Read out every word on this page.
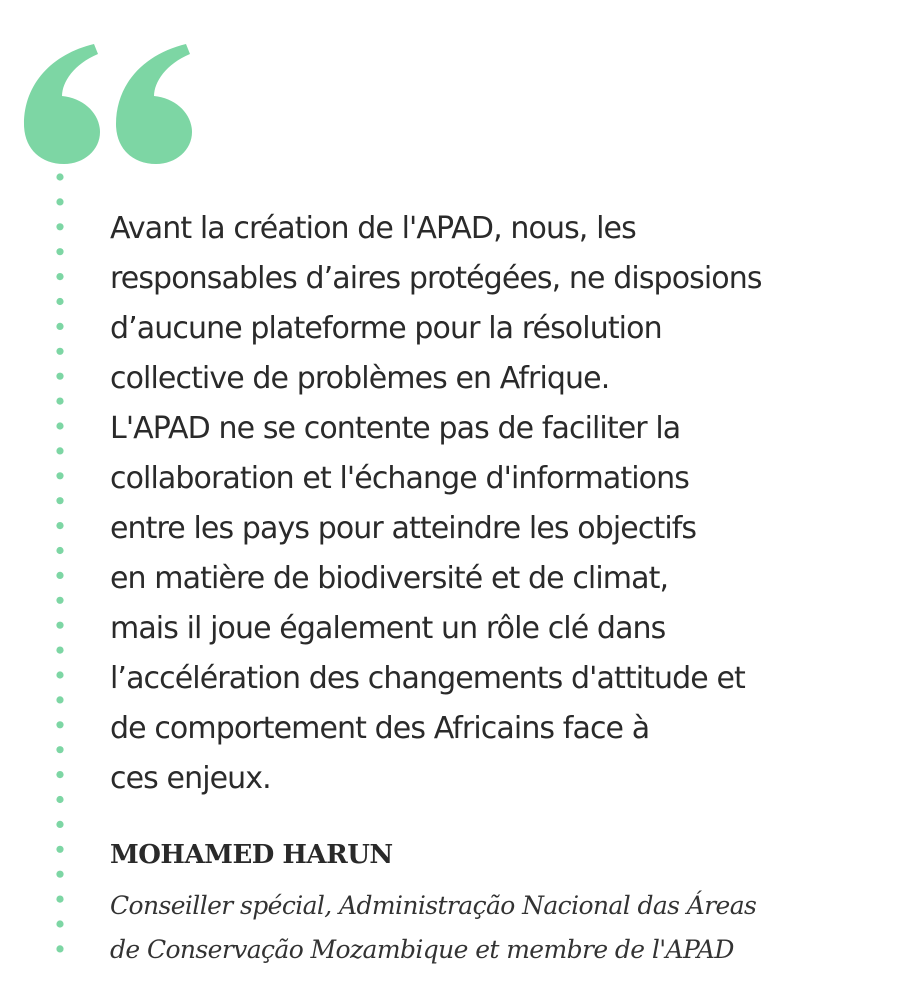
Avant la création de l'APAD, nous, les
responsables d’aires protégées, ne disposions
d’aucune plateforme pour la résolution
collective de problèmes en Afrique.
L'APAD ne se contente pas de faciliter la
collaboration et l'échange d'informations
entre les pays pour atteindre les objectifs
en matière de biodiversité et de climat,
mais il joue également un rôle clé dans
l’accélération des changements d'attitude et
de comportement des Africains face à
ces enjeux.

MOHAMED HARUN

Conseiller spécial, Administração Nacional das Áreas
de Conservação Mozambique et membre de l'APAD
